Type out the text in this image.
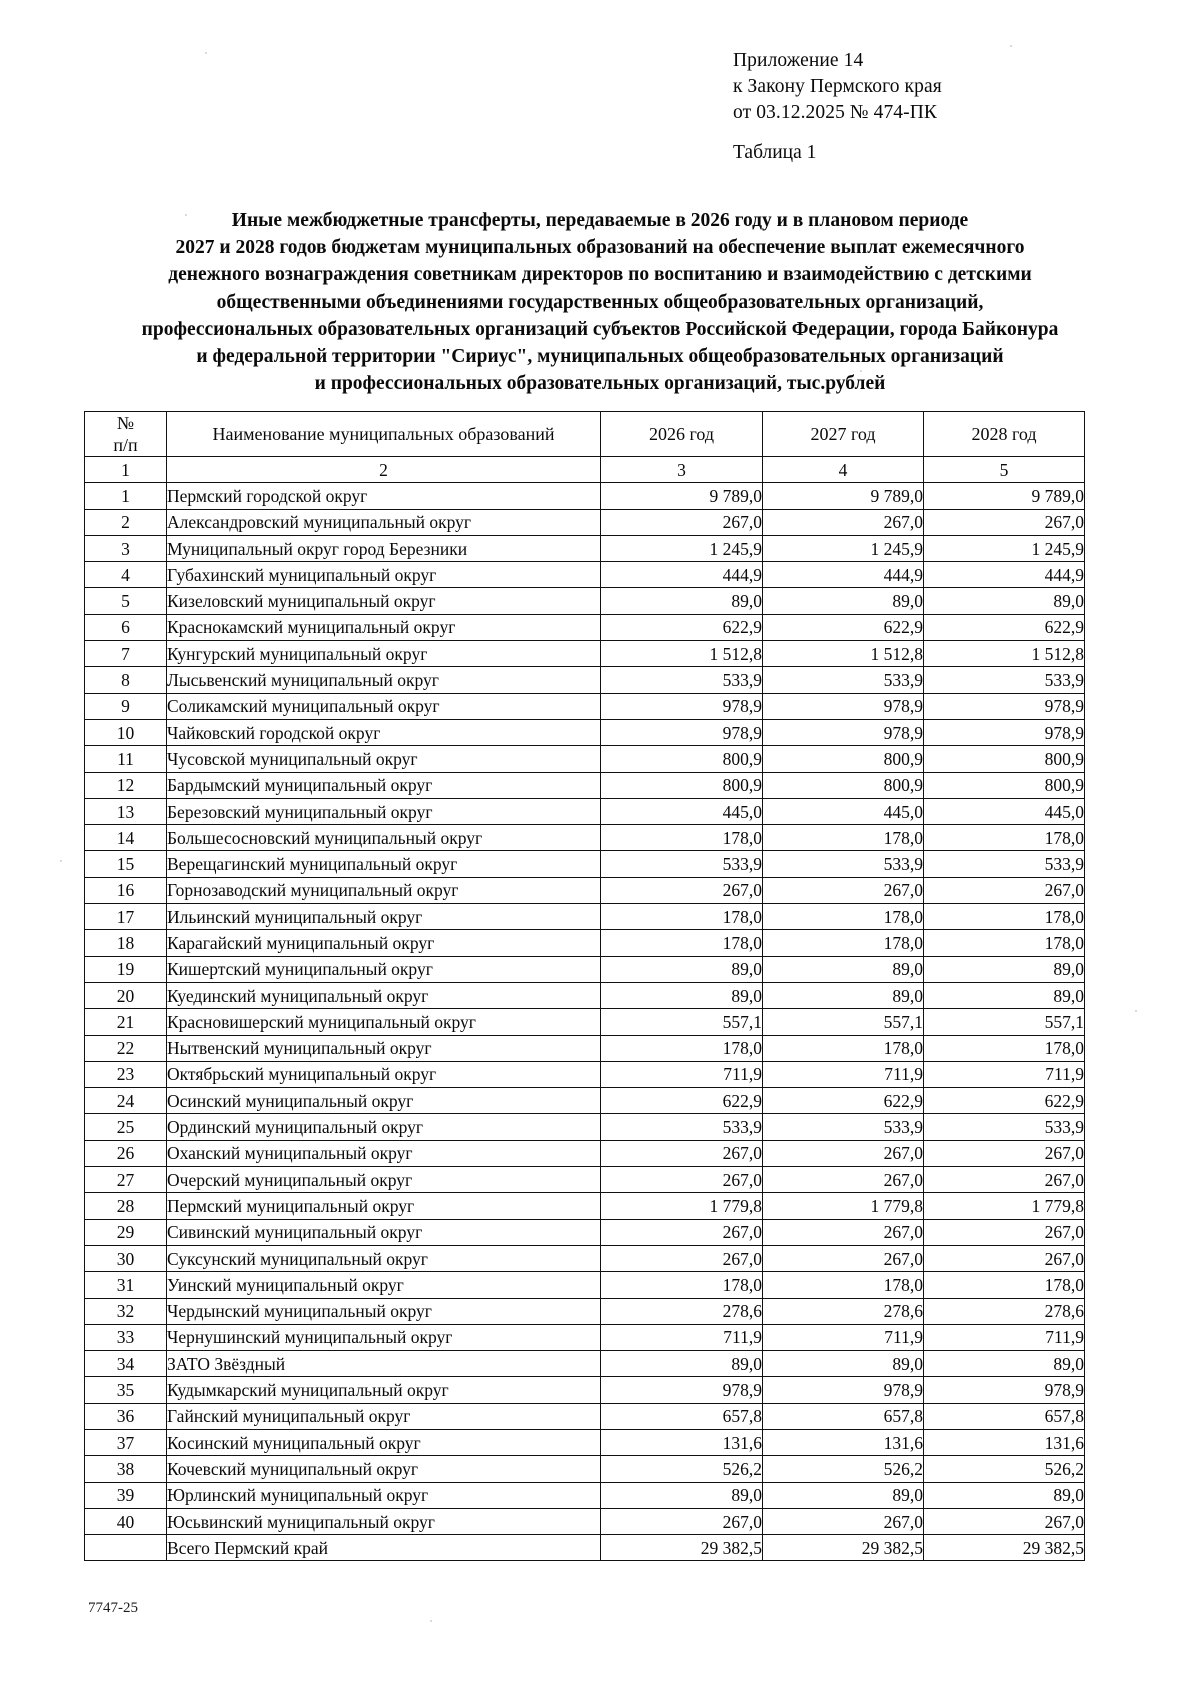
Приложение 14
к Закону Пермского края
от 03.12.2025 № 474-ПК
Таблица 1
Иные межбюджетные трансферты, передаваемые в 2026 году и в плановом периоде
2027 и 2028 годов бюджетам муниципальных образований на обеспечение выплат ежемесячного
денежного вознаграждения советникам директоров по воспитанию и взаимодействию с детскими
общественными объединениями государственных общеобразовательных организаций,
профессиональных образовательных организаций субъектов Российской Федерации, города Байконура
и федеральной территории "Сириус", муниципальных общеобразовательных организаций
и профессиональных образовательных организаций, тыс.рублей
№
п/п	Наименование муниципальных образований	2026 год	2027 год	2028 год
1	2	3	4	5
1	Пермский городской округ	9 789,0	9 789,0	9 789,0
2	Александровский муниципальный округ	267,0	267,0	267,0
3	Муниципальный округ город Березники	1 245,9	1 245,9	1 245,9
4	Губахинский муниципальный округ	444,9	444,9	444,9
5	Кизеловский муниципальный округ	89,0	89,0	89,0
6	Краснокамский муниципальный округ	622,9	622,9	622,9
7	Кунгурский муниципальный округ	1 512,8	1 512,8	1 512,8
8	Лысьвенский муниципальный округ	533,9	533,9	533,9
9	Соликамский муниципальный округ	978,9	978,9	978,9
10	Чайковский городской округ	978,9	978,9	978,9
11	Чусовской муниципальный округ	800,9	800,9	800,9
12	Бардымский муниципальный округ	800,9	800,9	800,9
13	Березовский муниципальный округ	445,0	445,0	445,0
14	Большесосновский муниципальный округ	178,0	178,0	178,0
15	Верещагинский муниципальный округ	533,9	533,9	533,9
16	Горнозаводский муниципальный округ	267,0	267,0	267,0
17	Ильинский муниципальный округ	178,0	178,0	178,0
18	Карагайский муниципальный округ	178,0	178,0	178,0
19	Кишертский муниципальный округ	89,0	89,0	89,0
20	Куединский муниципальный округ	89,0	89,0	89,0
21	Красновишерский муниципальный округ	557,1	557,1	557,1
22	Нытвенский муниципальный округ	178,0	178,0	178,0
23	Октябрьский муниципальный округ	711,9	711,9	711,9
24	Осинский муниципальный округ	622,9	622,9	622,9
25	Ординский муниципальный округ	533,9	533,9	533,9
26	Оханский муниципальный округ	267,0	267,0	267,0
27	Очерский муниципальный округ	267,0	267,0	267,0
28	Пермский муниципальный округ	1 779,8	1 779,8	1 779,8
29	Сивинский муниципальный округ	267,0	267,0	267,0
30	Суксунский муниципальный округ	267,0	267,0	267,0
31	Уинский муниципальный округ	178,0	178,0	178,0
32	Чердынский муниципальный округ	278,6	278,6	278,6
33	Чернушинский муниципальный округ	711,9	711,9	711,9
34	ЗАТО Звёздный	89,0	89,0	89,0
35	Кудымкарский муниципальный округ	978,9	978,9	978,9
36	Гайнский муниципальный округ	657,8	657,8	657,8
37	Косинский муниципальный округ	131,6	131,6	131,6
38	Кочевский муниципальный округ	526,2	526,2	526,2
39	Юрлинский муниципальный округ	89,0	89,0	89,0
40	Юсьвинский муниципальный округ	267,0	267,0	267,0
	Всего Пермский край	29 382,5	29 382,5	29 382,5
7747-25
